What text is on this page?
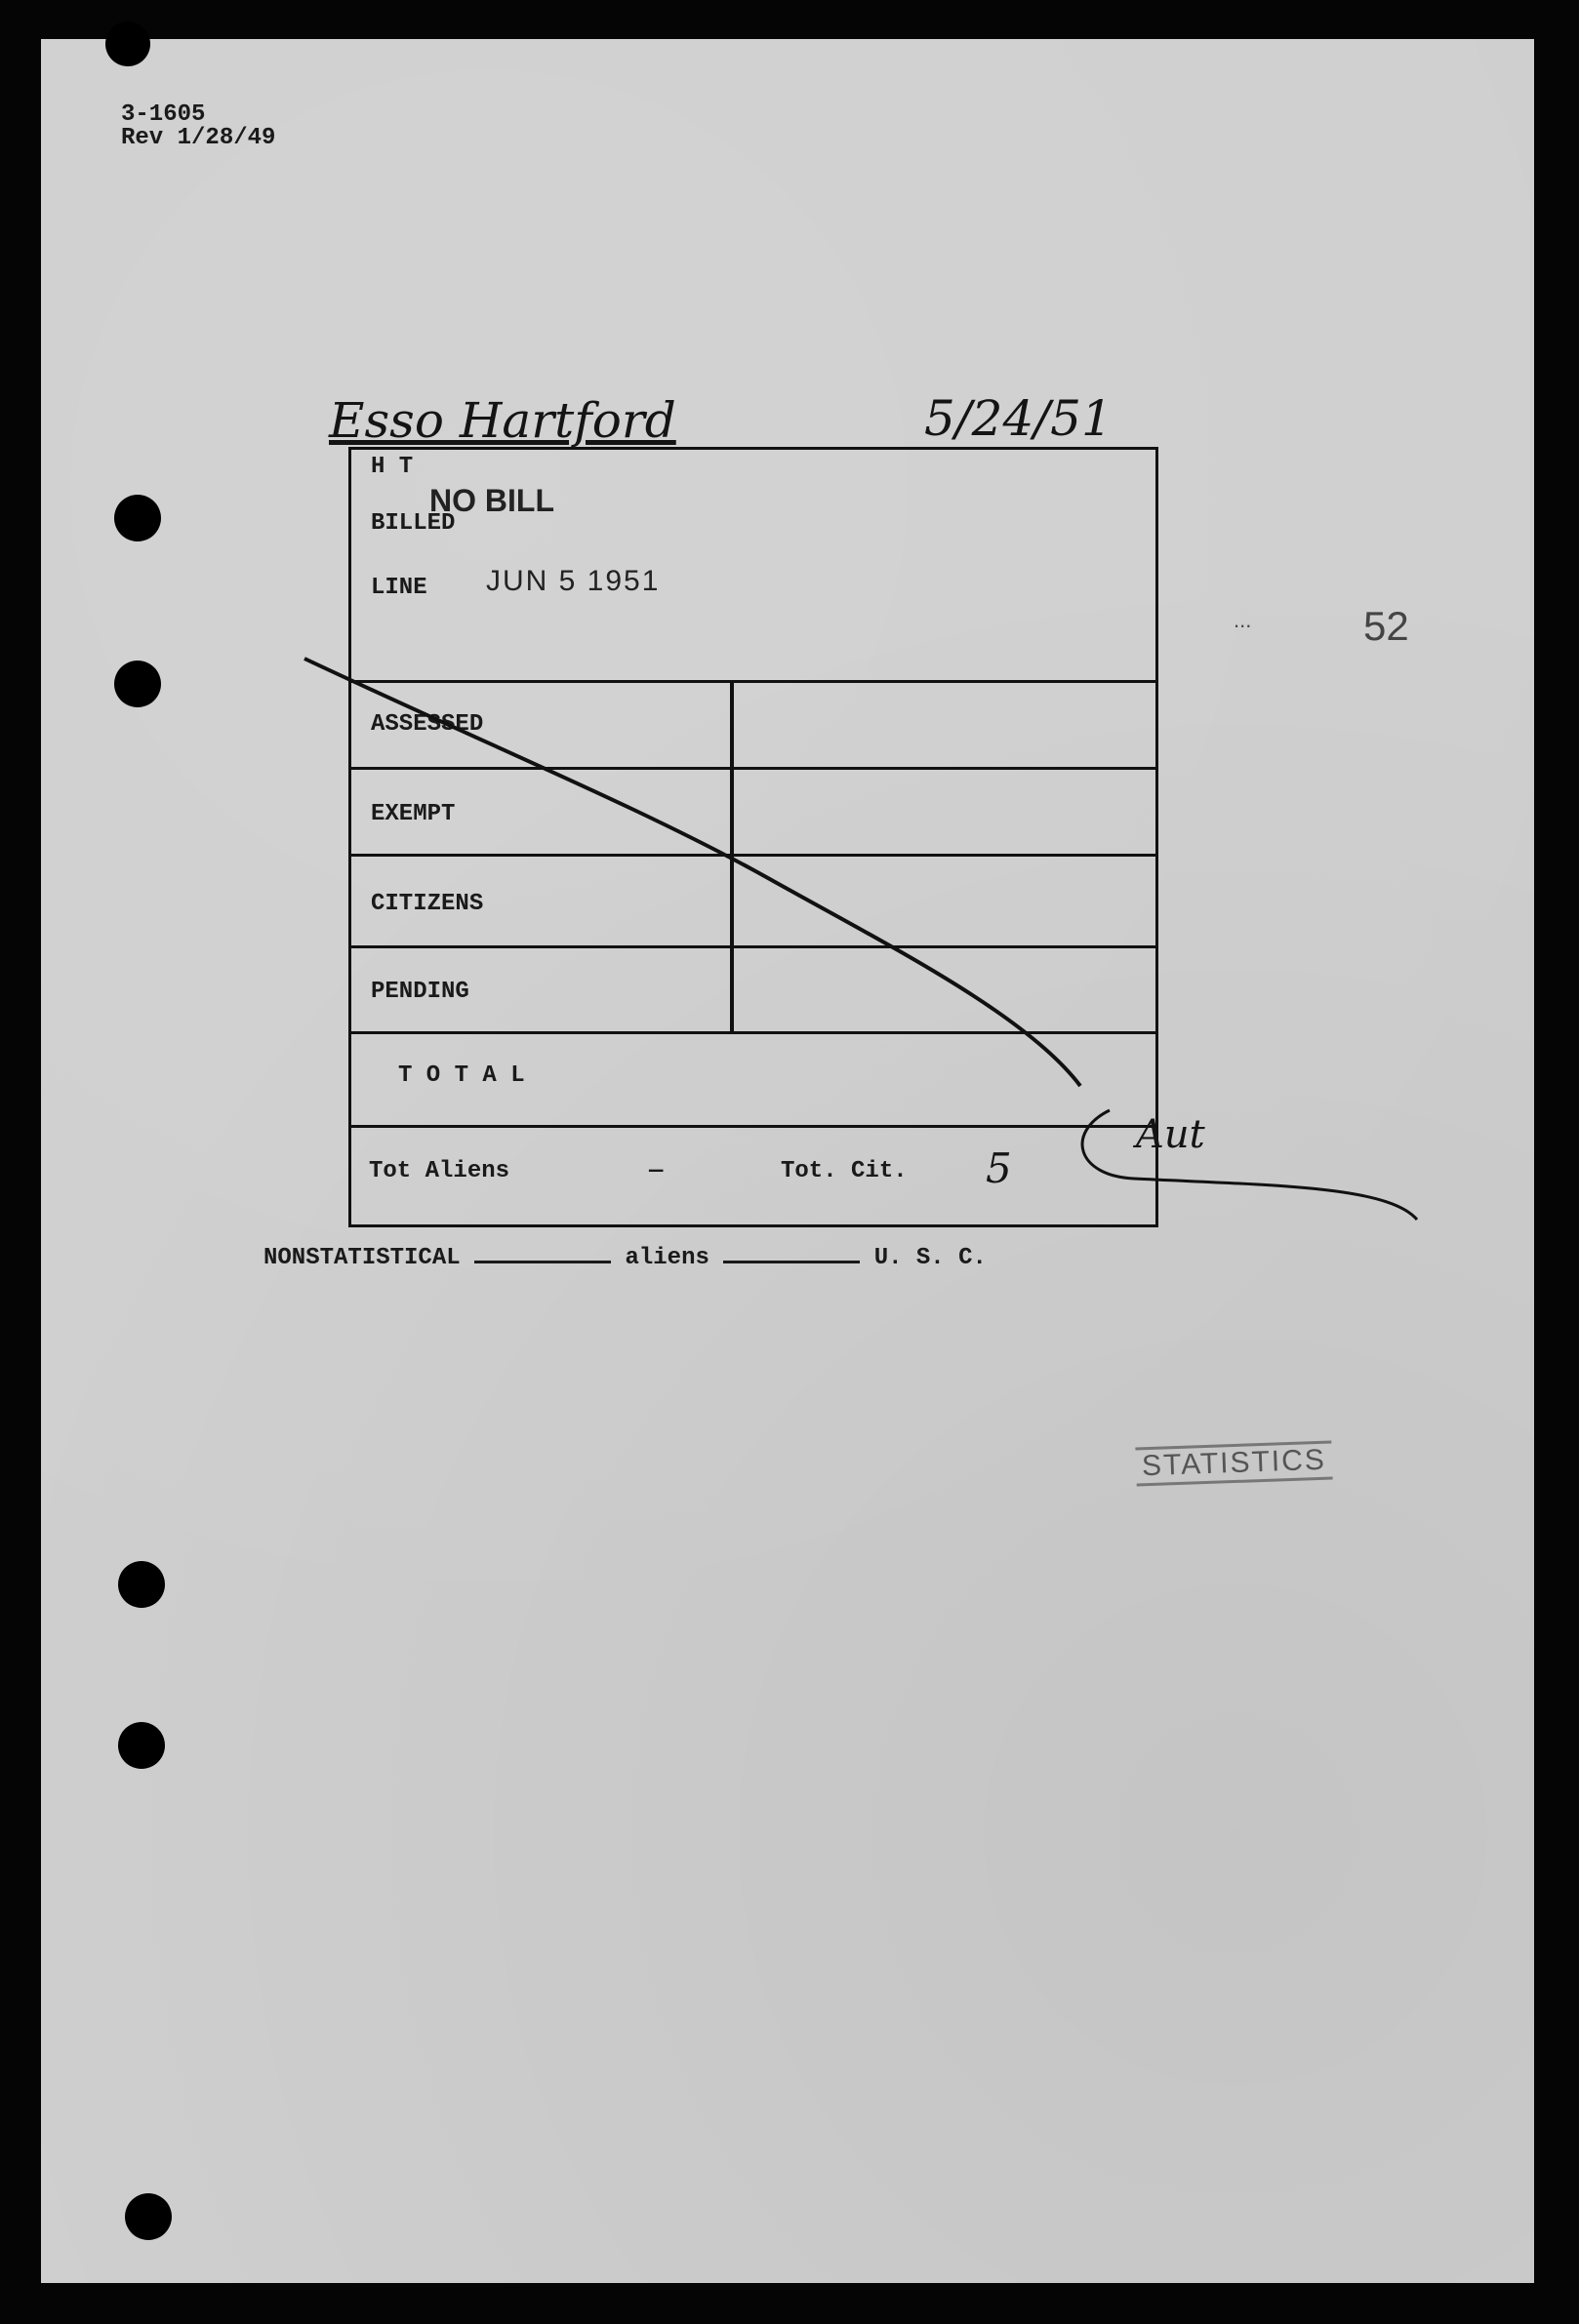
3-1605
Rev 1/28/49
Esso Hartford	5/24/51
...	52
H T
BILLED
NO BILL
LINE JUN 5 1951
ASSESSED
EXEMPT
CITIZENS
PENDING
T O T A L
Tot Aliens	—	Tot. Cit. 5
Aut
NONSTATISTICAL	aliens	U. S. C.
STATISTICS
